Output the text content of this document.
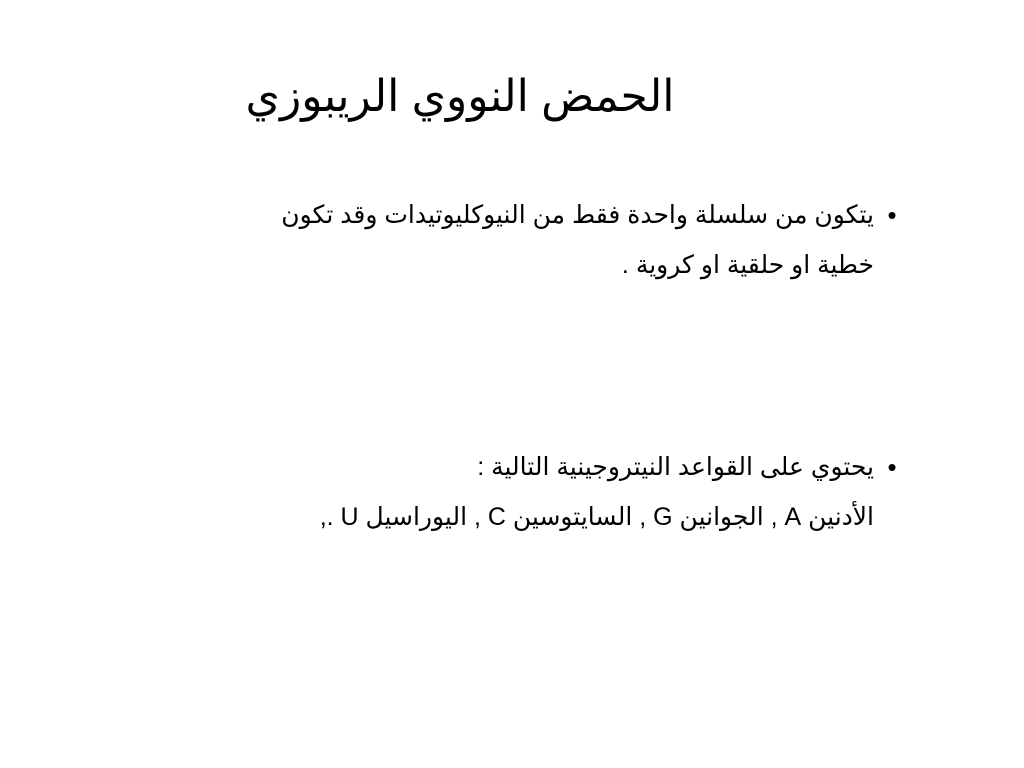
الحمض النووي الريبوزي
•
يتكون من سلسلة واحدة فقط من النيوكليوتيدات وقد تكون
خطية او حلقية او كروية .
•
يحتوي على القواعد النيتروجينية التالية :
الأدنين A , الجوانين G , السايتوسين C , اليوراسيل U .,
